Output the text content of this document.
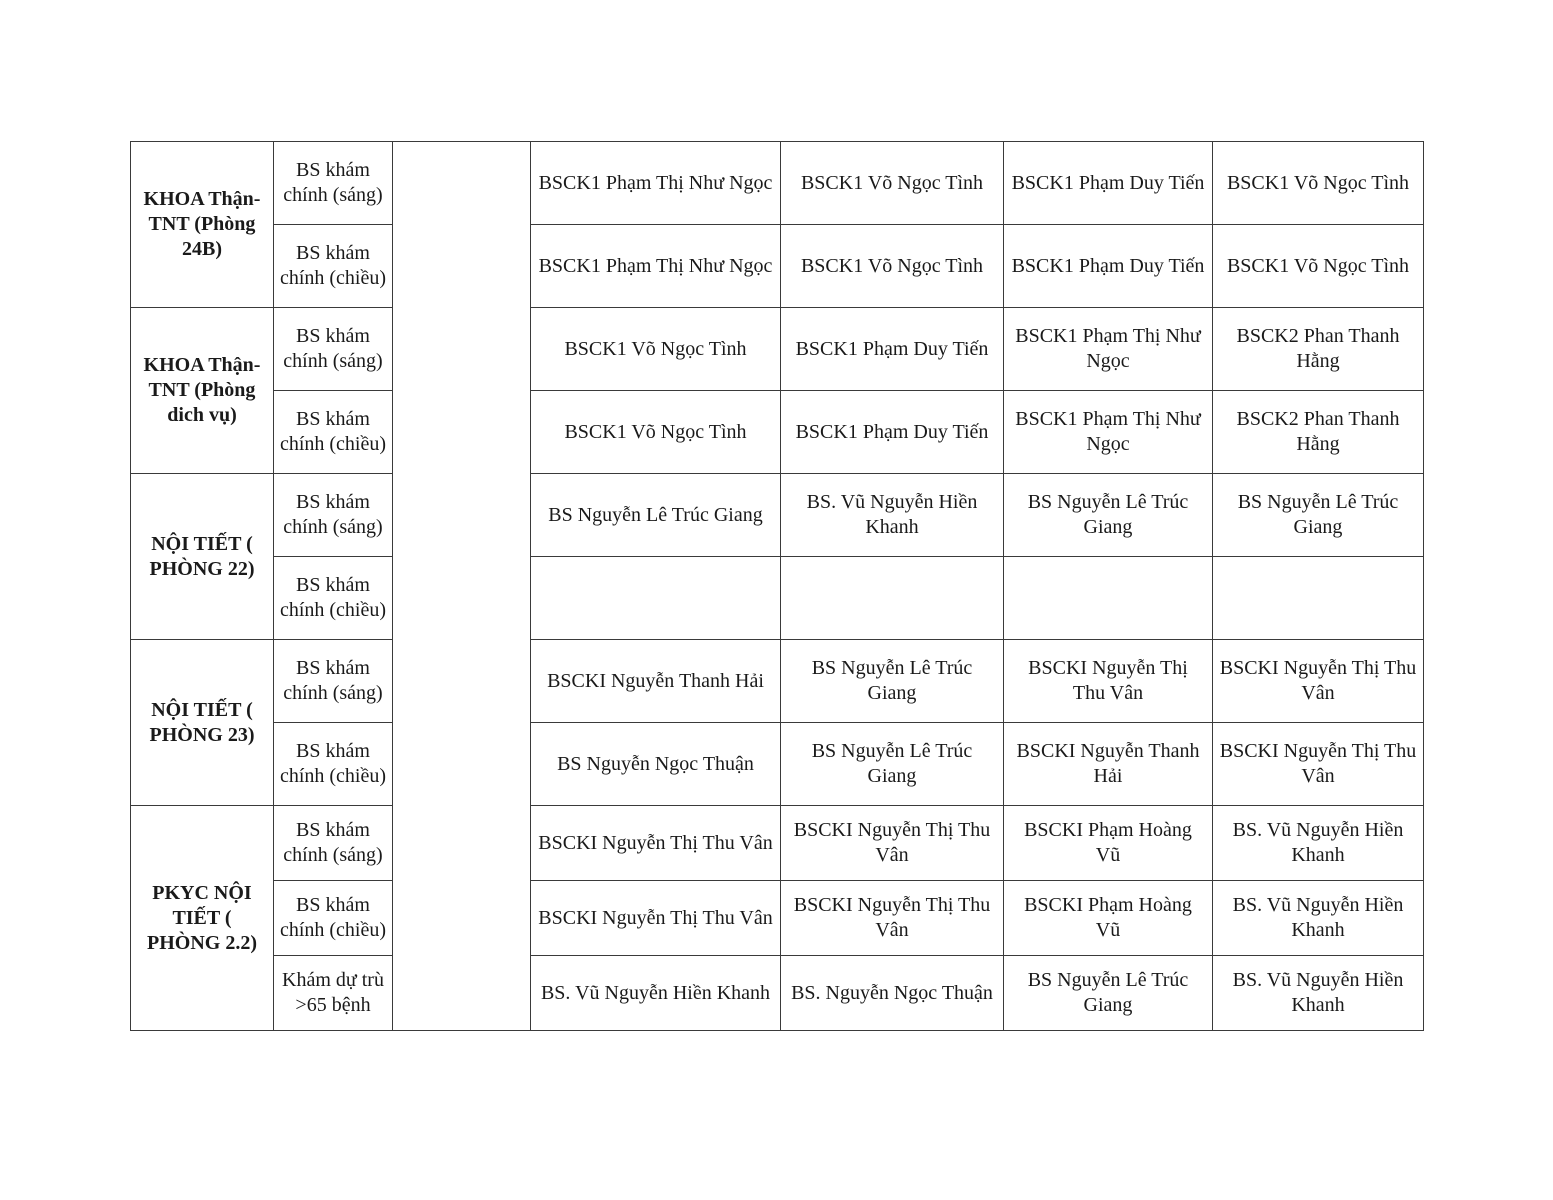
KHOA Thận-TNT (Phòng 24B)	BS khám chính (sáng)		BSCK1 Phạm Thị Như Ngọc	BSCK1 Võ Ngọc Tình	BSCK1 Phạm Duy Tiến	BSCK1 Võ Ngọc Tình
	BS khám chính (chiều)		BSCK1 Phạm Thị Như Ngọc	BSCK1 Võ Ngọc Tình	BSCK1 Phạm Duy Tiến	BSCK1 Võ Ngọc Tình
KHOA Thận-TNT (Phòng dich vụ)	BS khám chính (sáng)		BSCK1 Võ Ngọc Tình	BSCK1 Phạm Duy Tiến	BSCK1 Phạm Thị Như Ngọc	BSCK2 Phan Thanh Hằng
	BS khám chính (chiều)		BSCK1 Võ Ngọc Tình	BSCK1 Phạm Duy Tiến	BSCK1 Phạm Thị Như Ngọc	BSCK2 Phan Thanh Hằng
NỘI TIẾT ( PHÒNG 22)	BS khám chính (sáng)		BS Nguyễn Lê Trúc Giang	BS. Vũ Nguyễn Hiền Khanh	BS Nguyễn Lê Trúc Giang	BS Nguyễn Lê Trúc Giang
	BS khám chính (chiều)					
NỘI TIẾT ( PHÒNG 23)	BS khám chính (sáng)		BSCKI Nguyễn Thanh Hải	BS Nguyễn Lê Trúc Giang	BSCKI Nguyễn Thị Thu Vân	BSCKI Nguyễn Thị Thu Vân
	BS khám chính (chiều)		BS Nguyễn Ngọc Thuận	BS Nguyễn Lê Trúc Giang	BSCKI Nguyễn Thanh Hải	BSCKI Nguyễn Thị Thu Vân
PKYC NỘI TIẾT ( PHÒNG 2.2)	BS khám chính (sáng)		BSCKI Nguyễn Thị Thu Vân	BSCKI Nguyễn Thị Thu Vân	BSCKI Phạm Hoàng Vũ	BS. Vũ Nguyễn Hiền Khanh
	BS khám chính (chiều)		BSCKI Nguyễn Thị Thu Vân	BSCKI Nguyễn Thị Thu Vân	BSCKI Phạm Hoàng Vũ	BS. Vũ Nguyễn Hiền Khanh
	Khám dự trù >65 bệnh		BS. Vũ Nguyễn Hiền Khanh	BS. Nguyễn Ngọc Thuận	BS Nguyễn Lê Trúc Giang	BS. Vũ Nguyễn Hiền Khanh
